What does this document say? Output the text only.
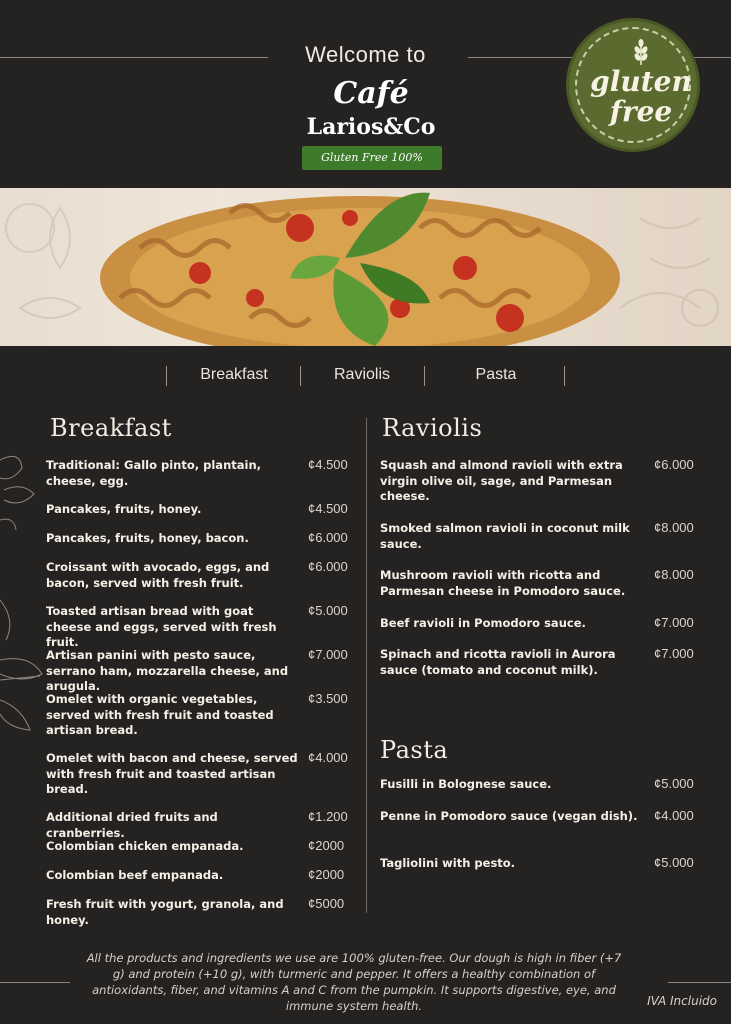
Welcome to
Café
Larios&Co
Gluten Free 100%
gluten
free
Breakfast	Raviolis	Pasta
Breakfast
Traditional: Gallo pinto, plantain, cheese, egg.
¢4.500
Pancakes, fruits, honey.	¢4.500
Pancakes, fruits, honey, bacon.	¢6.000
Croissant with avocado, eggs, and bacon, served with fresh fruit.
¢6.000
Toasted artisan bread with goat cheese and eggs, served with fresh fruit.
¢5.000
Artisan panini with pesto sauce, serrano ham, mozzarella cheese, and arugula.
¢7.000
Omelet with organic vegetables, served with fresh fruit and toasted artisan bread.
¢3.500
Omelet with bacon and cheese, served with fresh fruit and toasted artisan bread.
¢4.000
Additional dried fruits and cranberries.
¢1.200
Colombian chicken empanada.	¢2000
Colombian beef empanada.	¢2000
Fresh fruit with yogurt, granola, and honey.
¢5000
Raviolis
Squash and almond ravioli with extra virgin olive oil, sage, and Parmesan cheese.
¢6.000
Smoked salmon ravioli in coconut milk sauce.
¢8.000
Mushroom ravioli with ricotta and Parmesan cheese in Pomodoro sauce.
¢8.000
Beef ravioli in Pomodoro sauce.	¢7.000
Spinach and ricotta ravioli in Aurora sauce (tomato and coconut milk).
¢7.000
Pasta
Fusilli in Bolognese sauce.	¢5.000
Penne in Pomodoro sauce (vegan dish).	¢4.000
Tagliolini with pesto.	¢5.000
All the products and ingredients we use are 100% gluten-free. Our dough is high in fiber (+7 g) and protein (+10 g), with turmeric and pepper. It offers a healthy combination of antioxidants, fiber, and vitamins A and C from the pumpkin. It supports digestive, eye, and immune system health.	IVA Incluido
